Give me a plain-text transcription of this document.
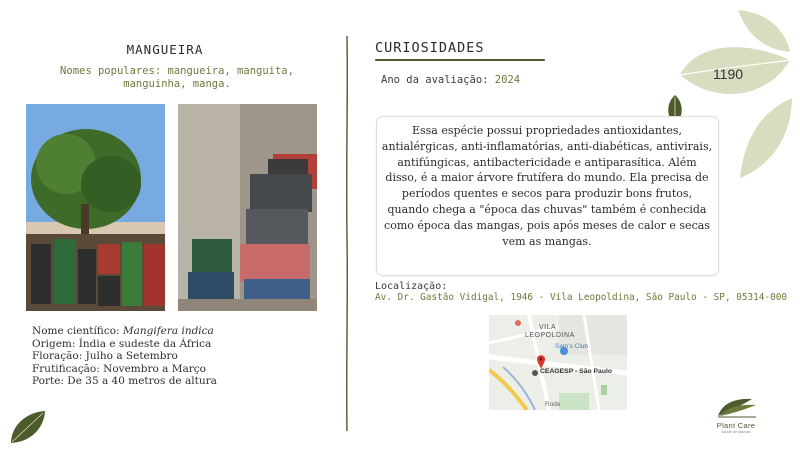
MANGUEIRA
Nomes populares: mangueira, manguita, manguinha, manga.
Nome científico: Mangifera indica
Origem: Índia e sudeste da África
Floração: Julho a Setembro
Frutificação: Novembro a Março
Porte: De 35 a 40 metros de altura
CURIOSIDADES
Ano da avaliação: 2024	1190
Essa espécie possui propriedades antioxidantes, antialérgicas, anti-inflamatórias, anti-diabéticas, antivirais, antifúngicas, antibactericidade e antiparasítica. Além disso, é a maior árvore frutífera do mundo. Ela precisa de períodos quentes e secos para produzir bons frutos, quando chega a "época das chuvas" também é conhecida como época das mangas, pois após meses de calor e secas vem as mangas.
Localização:
Av. Dr. Gastão Vidigal, 1946 - Vila Leopoldina, São Paulo - SP, 05314-000
VILA
LEOPOLDINA
Sam's Club
CEAGESP - São Paulo
Rode
Plant Care
saúde de plantas
